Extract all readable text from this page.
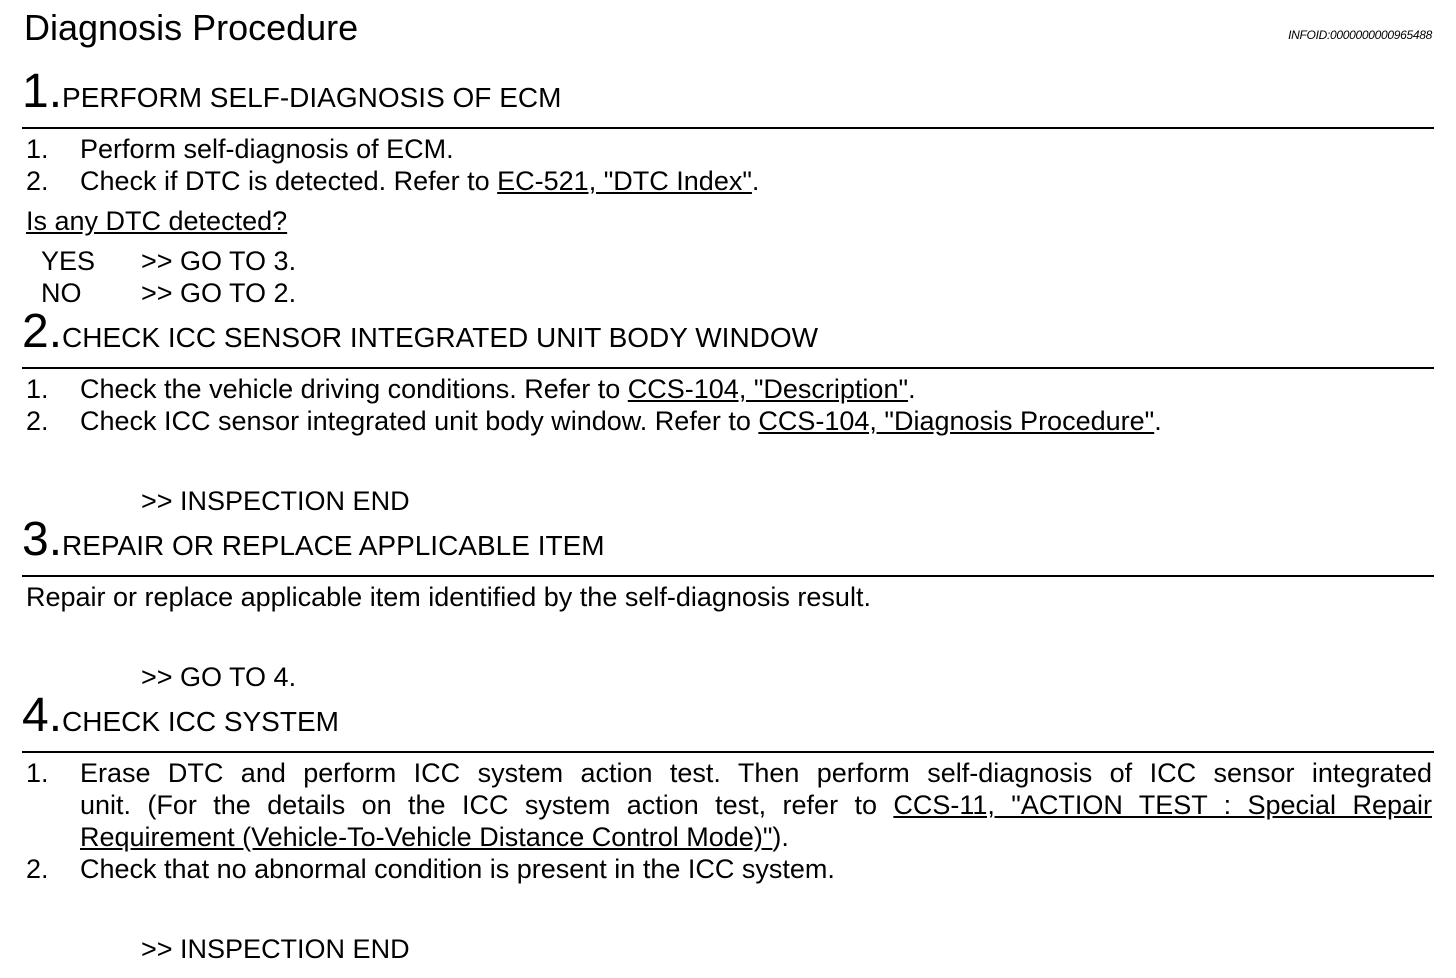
Diagnosis Procedure	INFOID:0000000000965488
1.PERFORM SELF-DIAGNOSIS OF ECM
1. Perform self-diagnosis of ECM.
2. Check if DTC is detected. Refer to EC-521, "DTC Index".
Is any DTC detected?
YES >> GO TO 3.
NO >> GO TO 2.
2.CHECK ICC SENSOR INTEGRATED UNIT BODY WINDOW
1. Check the vehicle driving conditions. Refer to CCS-104, "Description".
2. Check ICC sensor integrated unit body window. Refer to CCS-104, "Diagnosis Procedure".
>> INSPECTION END
3.REPAIR OR REPLACE APPLICABLE ITEM
Repair or replace applicable item identified by the self-diagnosis result.
>> GO TO 4.
4.CHECK ICC SYSTEM
1. Erase DTC and perform ICC system action test. Then perform self-diagnosis of ICC sensor integrated
unit. (For the details on the ICC system action test, refer to CCS-11, "ACTION TEST : Special Repair
Requirement (Vehicle-To-Vehicle Distance Control Mode)").
2. Check that no abnormal condition is present in the ICC system.
>> INSPECTION END
